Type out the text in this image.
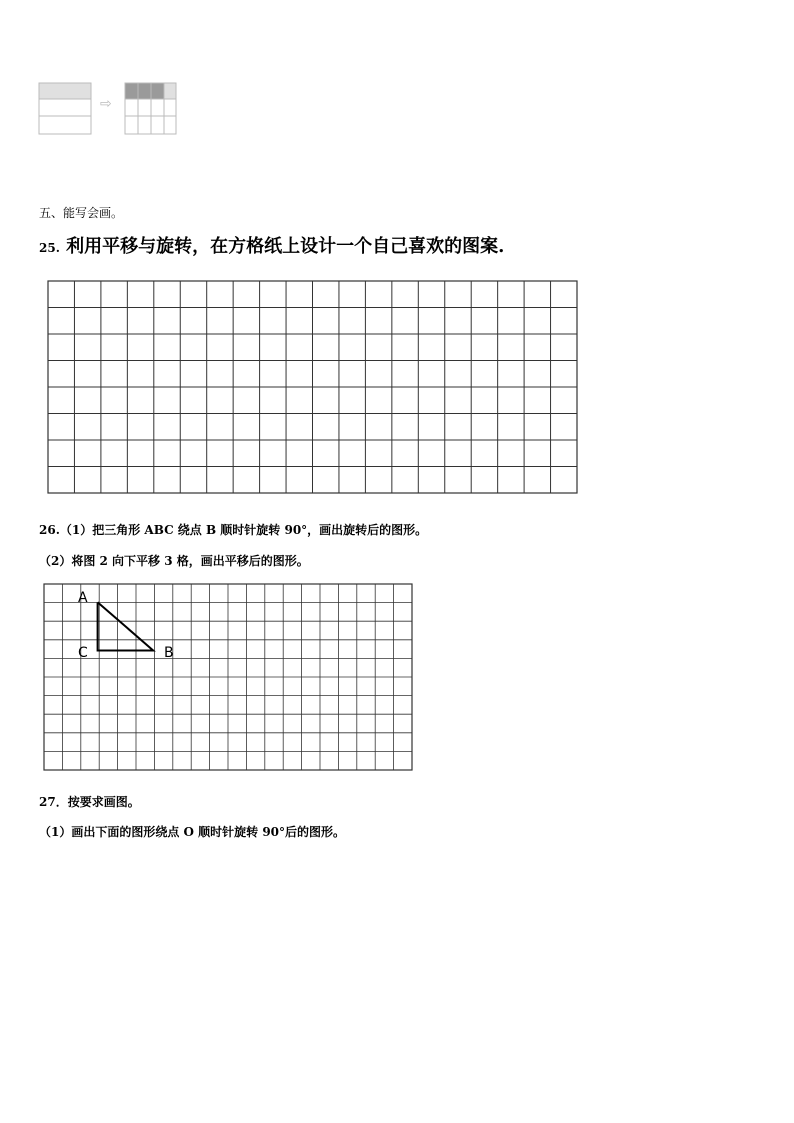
⇨
五、能写会画。
25. 利用平移与旋转，在方格纸上设计一个自己喜欢的图案.
26.（1）把三角形 ABC 绕点 B 顺时针旋转 90°，画出旋转后的图形。
（2）将图 2 向下平移 3 格，画出平移后的图形。
A
C	B
27．按要求画图。
（1）画出下面的图形绕点 O 顺时针旋转 90°后的图形。
